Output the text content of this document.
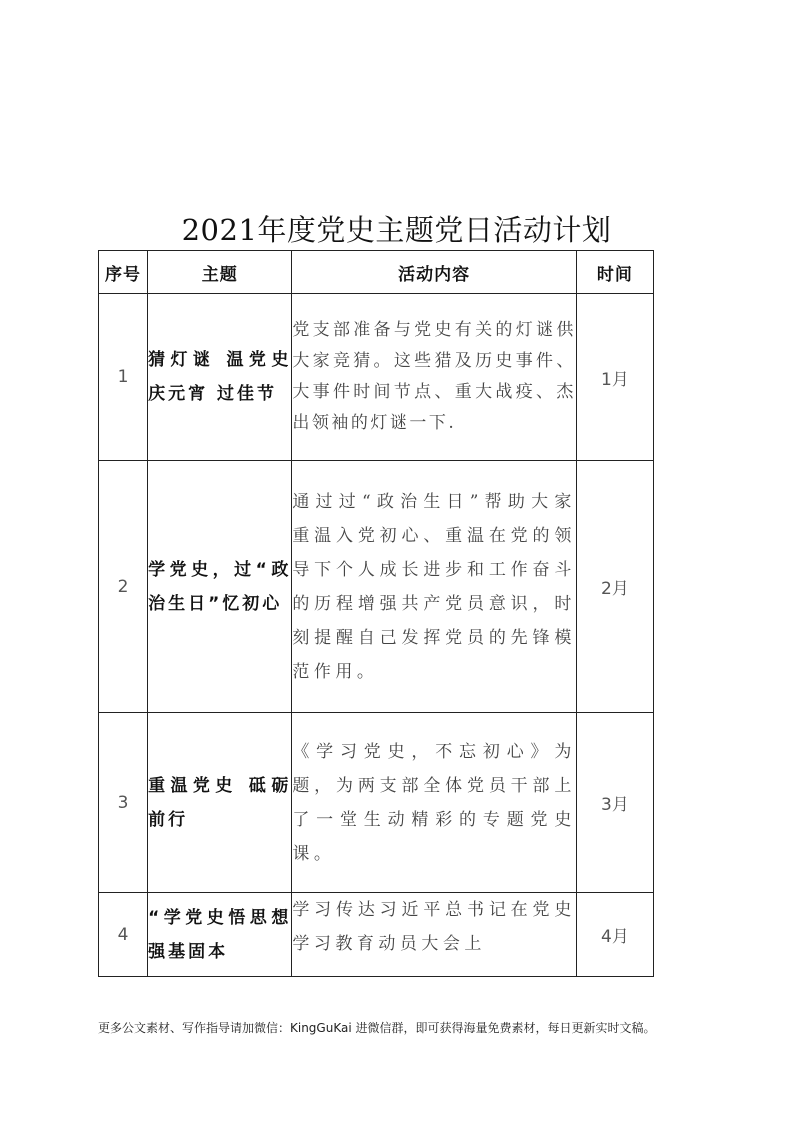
2021年度党史主题党日活动计划
序号	主题	活动内容	时间
1	猜灯谜 温党史 庆元宵 过佳节	党支部准备与党史有关的灯谜供大家竞猜。这些猎及历史事件、大事件时间节点、重大战疫、杰出领袖的灯谜一下.	1月
2	学党史，过“政治生日”忆初心	通过过“政治生日”帮助大家重温入党初心、重温在党的领导下个人成长进步和工作奋斗的历程增强共产党员意识，时刻提醒自己发挥党员的先锋模范作用。	2月
3	重温党史 砥砺前行	《学习党史，不忘初心》为题，为两支部全体党员干部上了一堂生动精彩的专题党史课。	3月
4	“学党史悟思想 强基固本	学习传达习近平总书记在党史学习教育动员大会上	4月
更多公文素材、写作指导请加微信：KingGuKai 进微信群，即可获得海量免费素材，每日更新实时文稿。
